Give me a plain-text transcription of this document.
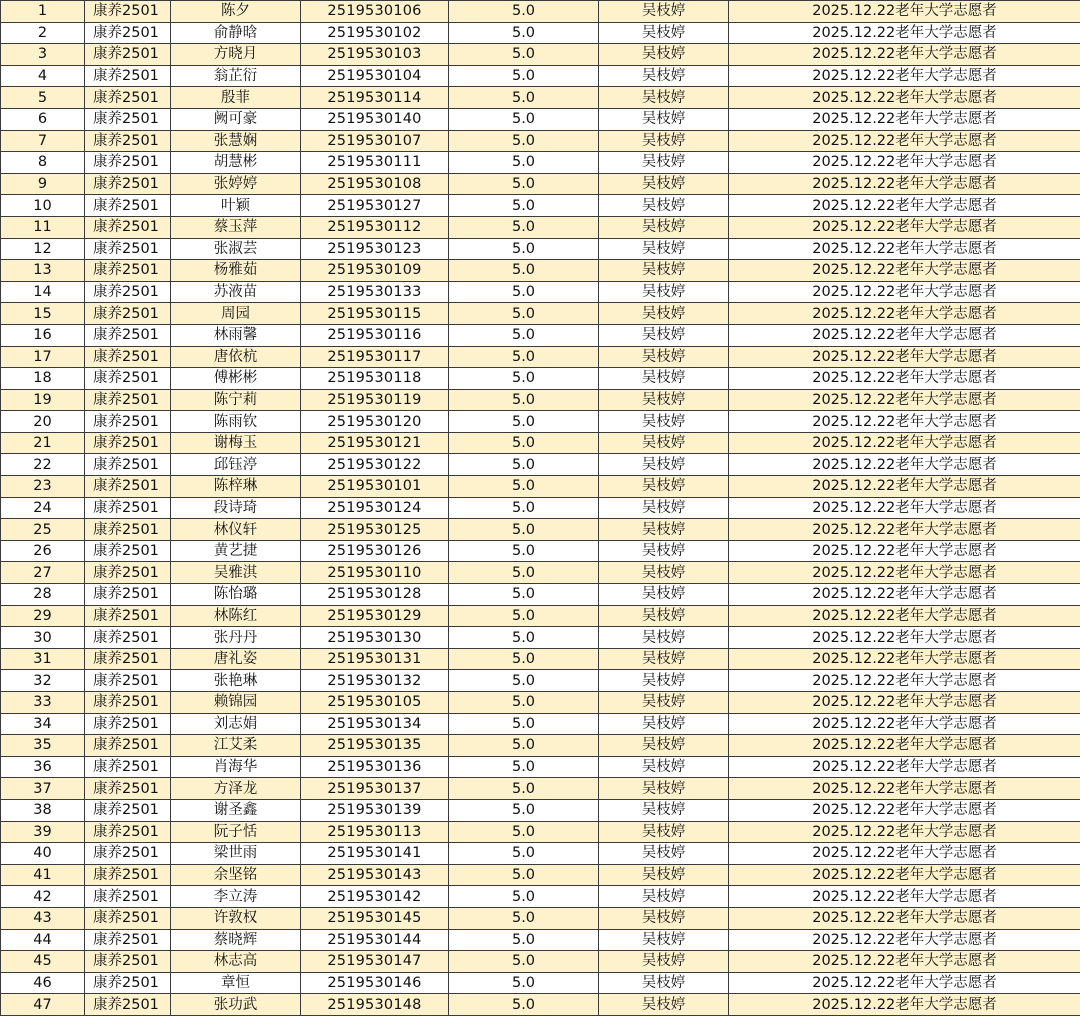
1	康养2501	陈夕	2519530106	5.0	吴枝婷	2025.12.22老年大学志愿者
2	康养2501	俞静晗	2519530102	5.0	吴枝婷	2025.12.22老年大学志愿者
3	康养2501	方晓月	2519530103	5.0	吴枝婷	2025.12.22老年大学志愿者
4	康养2501	翁芷衍	2519530104	5.0	吴枝婷	2025.12.22老年大学志愿者
5	康养2501	殷菲	2519530114	5.0	吴枝婷	2025.12.22老年大学志愿者
6	康养2501	阙可豪	2519530140	5.0	吴枝婷	2025.12.22老年大学志愿者
7	康养2501	张慧娴	2519530107	5.0	吴枝婷	2025.12.22老年大学志愿者
8	康养2501	胡慧彬	2519530111	5.0	吴枝婷	2025.12.22老年大学志愿者
9	康养2501	张婷婷	2519530108	5.0	吴枝婷	2025.12.22老年大学志愿者
10	康养2501	叶颖	2519530127	5.0	吴枝婷	2025.12.22老年大学志愿者
11	康养2501	蔡玉萍	2519530112	5.0	吴枝婷	2025.12.22老年大学志愿者
12	康养2501	张淑芸	2519530123	5.0	吴枝婷	2025.12.22老年大学志愿者
13	康养2501	杨雅茹	2519530109	5.0	吴枝婷	2025.12.22老年大学志愿者
14	康养2501	苏液苗	2519530133	5.0	吴枝婷	2025.12.22老年大学志愿者
15	康养2501	周园	2519530115	5.0	吴枝婷	2025.12.22老年大学志愿者
16	康养2501	林雨馨	2519530116	5.0	吴枝婷	2025.12.22老年大学志愿者
17	康养2501	唐依杭	2519530117	5.0	吴枝婷	2025.12.22老年大学志愿者
18	康养2501	傅彬彬	2519530118	5.0	吴枝婷	2025.12.22老年大学志愿者
19	康养2501	陈宁莉	2519530119	5.0	吴枝婷	2025.12.22老年大学志愿者
20	康养2501	陈雨钦	2519530120	5.0	吴枝婷	2025.12.22老年大学志愿者
21	康养2501	谢梅玉	2519530121	5.0	吴枝婷	2025.12.22老年大学志愿者
22	康养2501	邱钰渟	2519530122	5.0	吴枝婷	2025.12.22老年大学志愿者
23	康养2501	陈梓琳	2519530101	5.0	吴枝婷	2025.12.22老年大学志愿者
24	康养2501	段诗琦	2519530124	5.0	吴枝婷	2025.12.22老年大学志愿者
25	康养2501	林仪轩	2519530125	5.0	吴枝婷	2025.12.22老年大学志愿者
26	康养2501	黄艺捷	2519530126	5.0	吴枝婷	2025.12.22老年大学志愿者
27	康养2501	吴雅淇	2519530110	5.0	吴枝婷	2025.12.22老年大学志愿者
28	康养2501	陈怡璐	2519530128	5.0	吴枝婷	2025.12.22老年大学志愿者
29	康养2501	林陈红	2519530129	5.0	吴枝婷	2025.12.22老年大学志愿者
30	康养2501	张丹丹	2519530130	5.0	吴枝婷	2025.12.22老年大学志愿者
31	康养2501	唐礼姿	2519530131	5.0	吴枝婷	2025.12.22老年大学志愿者
32	康养2501	张艳琳	2519530132	5.0	吴枝婷	2025.12.22老年大学志愿者
33	康养2501	赖锦园	2519530105	5.0	吴枝婷	2025.12.22老年大学志愿者
34	康养2501	刘志娟	2519530134	5.0	吴枝婷	2025.12.22老年大学志愿者
35	康养2501	江艾柔	2519530135	5.0	吴枝婷	2025.12.22老年大学志愿者
36	康养2501	肖海华	2519530136	5.0	吴枝婷	2025.12.22老年大学志愿者
37	康养2501	方泽龙	2519530137	5.0	吴枝婷	2025.12.22老年大学志愿者
38	康养2501	谢圣鑫	2519530139	5.0	吴枝婷	2025.12.22老年大学志愿者
39	康养2501	阮子恬	2519530113	5.0	吴枝婷	2025.12.22老年大学志愿者
40	康养2501	梁世雨	2519530141	5.0	吴枝婷	2025.12.22老年大学志愿者
41	康养2501	余坚铭	2519530143	5.0	吴枝婷	2025.12.22老年大学志愿者
42	康养2501	李立涛	2519530142	5.0	吴枝婷	2025.12.22老年大学志愿者
43	康养2501	许敦权	2519530145	5.0	吴枝婷	2025.12.22老年大学志愿者
44	康养2501	蔡晓辉	2519530144	5.0	吴枝婷	2025.12.22老年大学志愿者
45	康养2501	林志高	2519530147	5.0	吴枝婷	2025.12.22老年大学志愿者
46	康养2501	章恒	2519530146	5.0	吴枝婷	2025.12.22老年大学志愿者
47	康养2501	张功武	2519530148	5.0	吴枝婷	2025.12.22老年大学志愿者
